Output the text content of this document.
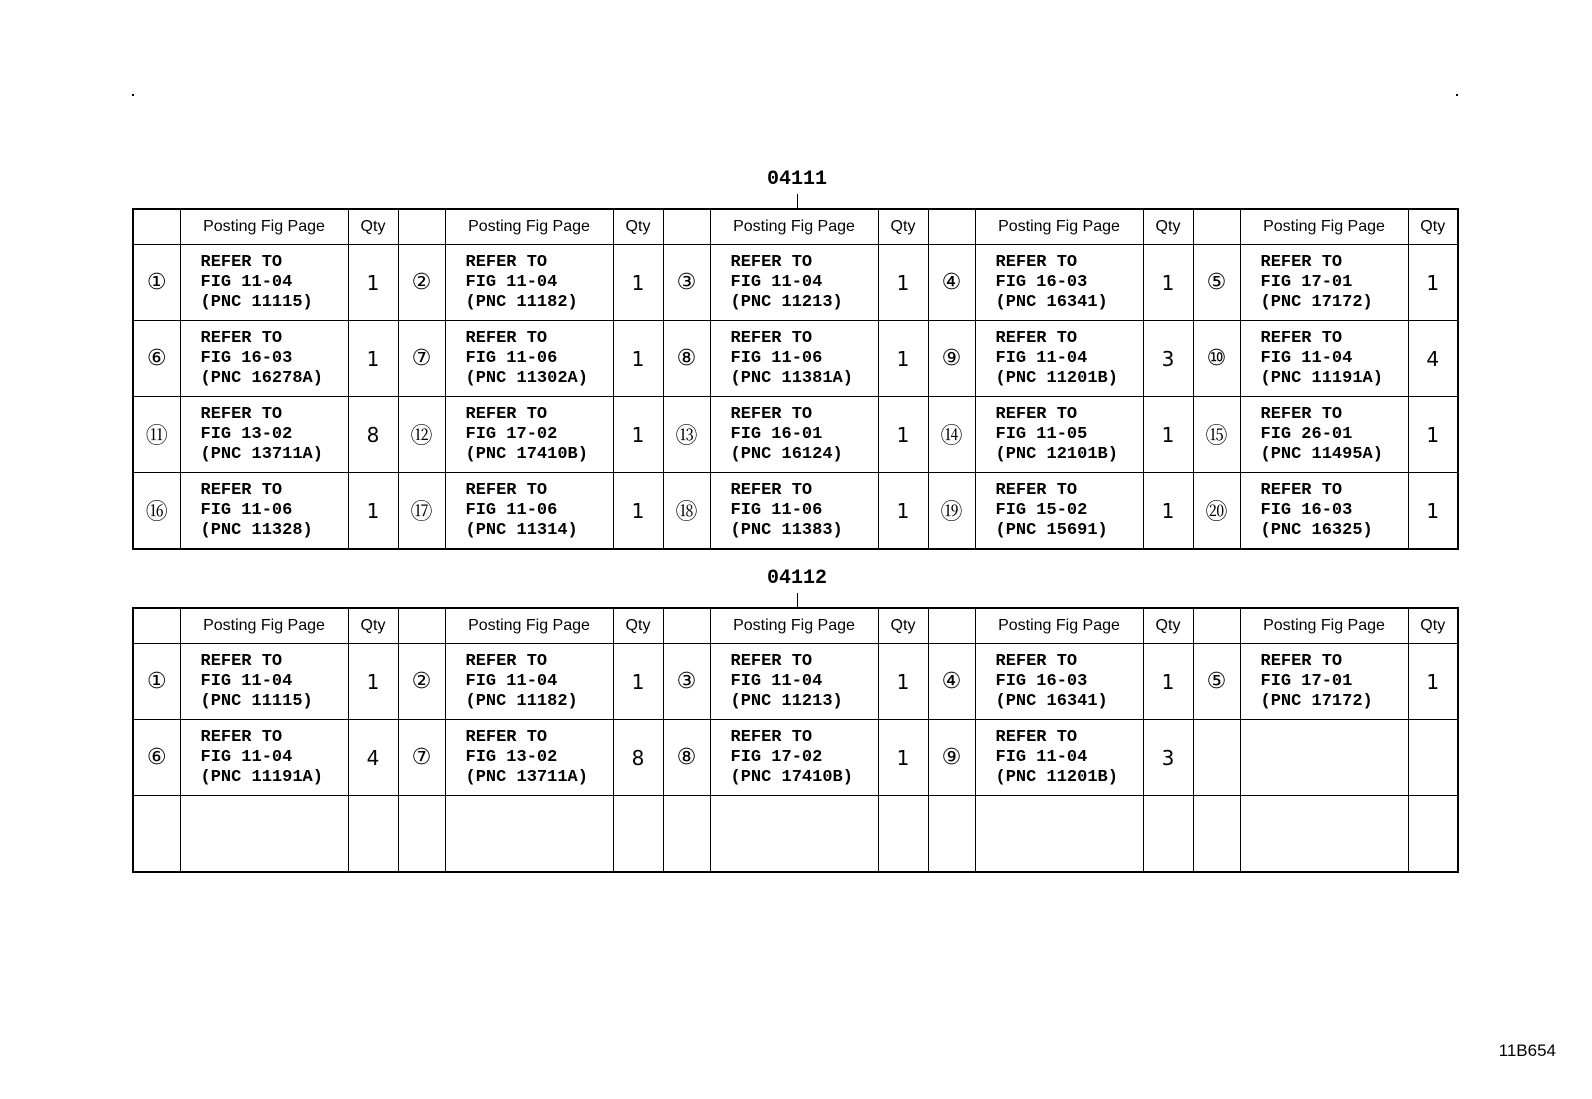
04111
	Posting Fig Page	Qty		Posting Fig Page	Qty		Posting Fig Page	Qty		Posting Fig Page	Qty		Posting Fig Page	Qty
①	REFER TO
FIG 11-04
(PNC 11115)	1	②	REFER TO
FIG 11-04
(PNC 11182)	1	③	REFER TO
FIG 11-04
(PNC 11213)	1	④	REFER TO
FIG 16-03
(PNC 16341)	1	⑤	REFER TO
FIG 17-01
(PNC 17172)	1
⑥	REFER TO
FIG 16-03
(PNC 16278A)	1	⑦	REFER TO
FIG 11-06
(PNC 11302A)	1	⑧	REFER TO
FIG 11-06
(PNC 11381A)	1	⑨	REFER TO
FIG 11-04
(PNC 11201B)	3	⑩	REFER TO
FIG 11-04
(PNC 11191A)	4
⑪	REFER TO
FIG 13-02
(PNC 13711A)	8	⑫	REFER TO
FIG 17-02
(PNC 17410B)	1	⑬	REFER TO
FIG 16-01
(PNC 16124)	1	⑭	REFER TO
FIG 11-05
(PNC 12101B)	1	⑮	REFER TO
FIG 26-01
(PNC 11495A)	1
⑯	REFER TO
FIG 11-06
(PNC 11328)	1	⑰	REFER TO
FIG 11-06
(PNC 11314)	1	⑱	REFER TO
FIG 11-06
(PNC 11383)	1	⑲	REFER TO
FIG 15-02
(PNC 15691)	1	⑳	REFER TO
FIG 16-03
(PNC 16325)	1
04112
	Posting Fig Page	Qty		Posting Fig Page	Qty		Posting Fig Page	Qty		Posting Fig Page	Qty		Posting Fig Page	Qty
①	REFER TO
FIG 11-04
(PNC 11115)	1	②	REFER TO
FIG 11-04
(PNC 11182)	1	③	REFER TO
FIG 11-04
(PNC 11213)	1	④	REFER TO
FIG 16-03
(PNC 16341)	1	⑤	REFER TO
FIG 17-01
(PNC 17172)	1
⑥	REFER TO
FIG 11-04
(PNC 11191A)	4	⑦	REFER TO
FIG 13-02
(PNC 13711A)	8	⑧	REFER TO
FIG 17-02
(PNC 17410B)	1	⑨	REFER TO
FIG 11-04
(PNC 11201B)	3			

11B654
